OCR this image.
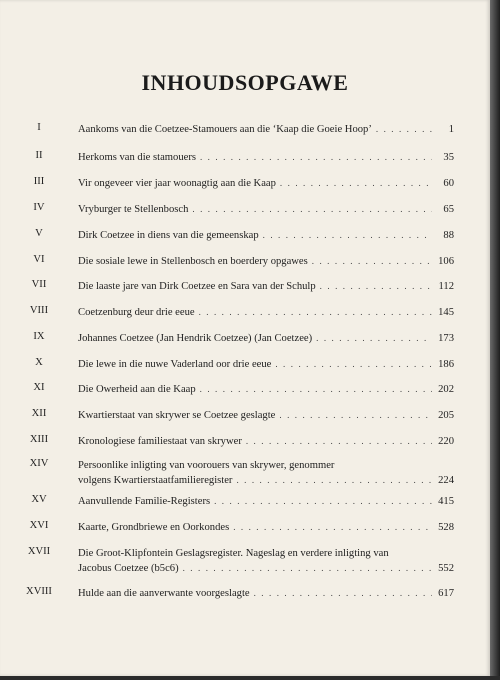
INHOUDSOPGAWE
I	Aankoms van die Coetzee-Stamouers aan die ‘Kaap die Goeie Hoop’ . . .	1
II	Herkoms van die stamouers . . .	35
III	Vir ongeveer vier jaar woonagtig aan die Kaap . . .	60
IV	Vryburger te Stellenbosch . . .	65
V	Dirk Coetzee in diens van die gemeenskap . . .	88
VI	Die sosiale lewe in Stellenbosch en boerdery opgawes . . .	106
VII	Die laaste jare van Dirk Coetzee en Sara van der Schulp . . .	112
VIII	Coetzenburg deur drie eeue . . .	145
IX	Johannes Coetzee (Jan Hendrik Coetzee) (Jan Coetzee) . . .	173
X	Die lewe in die nuwe Vaderland oor drie eeue . . .	186
XI	Die Owerheid aan die Kaap . . .	202
XII	Kwartierstaat van skrywer se Coetzee geslagte . . .	205
XIII	Kronologiese familiestaat van skrywer . . .	220
XIV	Persoonlike inligting van voorouers van skrywer, genommer
volgens Kwartierstaatfamilieregister . . .	224
XV	Aanvullende Familie-Registers . . .	415
XVI	Kaarte, Grondbriewe en Oorkondes . . .	528
XVII	Die Groot-Klipfontein Geslagsregister. Nageslag en verdere inligting van
Jacobus Coetzee (b5c6) . . .	552
XVIII	Hulde aan die aanverwante voorgeslagte . . .	617
